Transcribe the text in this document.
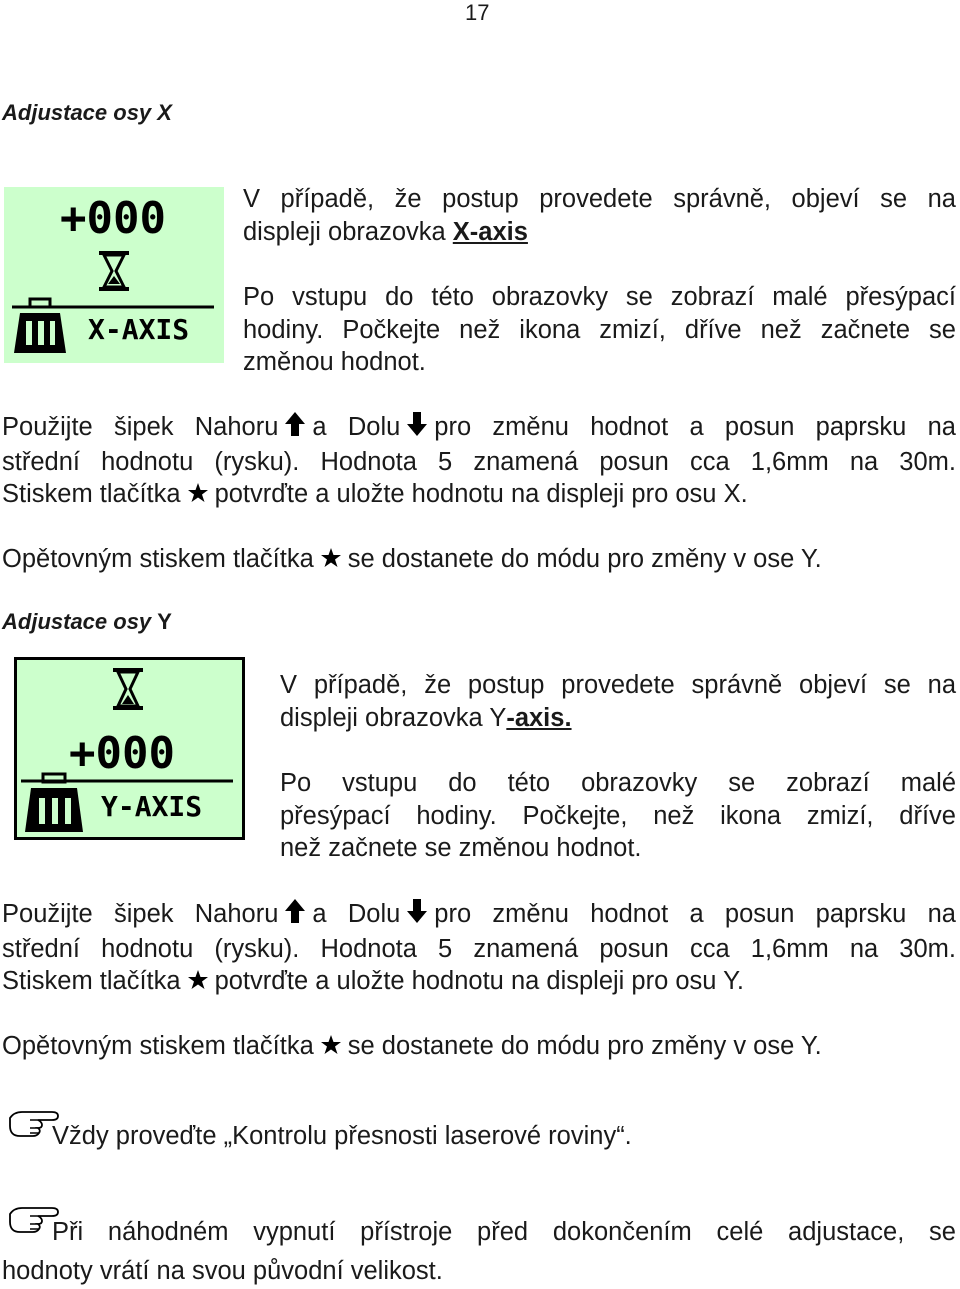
17
Adjustace osy X
+000
X-AXIS

V případě, že postup provedete správně, objeví se na

displeji obrazovka X-axis

Po vstupu do této obrazovky se zobrazí malé přesýpací

hodiny. Počkejte než ikona zmizí, dříve než začnete se

změnou hodnot.

Použijte šipek Nahoru a Dolu pro změnu hodnot a posun paprsku na

střední hodnotu (rysku). Hodnota 5 znamená posun cca 1,6mm na 30m.

Stiskem tlačítka potvrďte a uložte hodnotu na displeji pro osu X.

Opětovným stiskem tlačítka se dostanete do módu pro změny v ose Y.

Adjustace osy Y
+000
Y-AXIS

V případě, že postup provedete správně objeví se na

displeji obrazovka Y-axis.

Po vstupu do této obrazovky se zobrazí malé

přesýpací hodiny. Počkejte, než ikona zmizí, dříve

než začnete se změnou hodnot.

Použijte šipek Nahoru a Dolu pro změnu hodnot a posun paprsku na

střední hodnotu (rysku). Hodnota 5 znamená posun cca 1,6mm na 30m.

Stiskem tlačítka potvrďte a uložte hodnotu na displeji pro osu Y.

Opětovným stiskem tlačítka se dostanete do módu pro změny v ose Y.

Vždy proveďte „Kontrolu přesnosti laserové roviny“.

Při náhodném vypnutí přístroje před dokončením celé adjustace, se

hodnoty vrátí na svou původní velikost.
